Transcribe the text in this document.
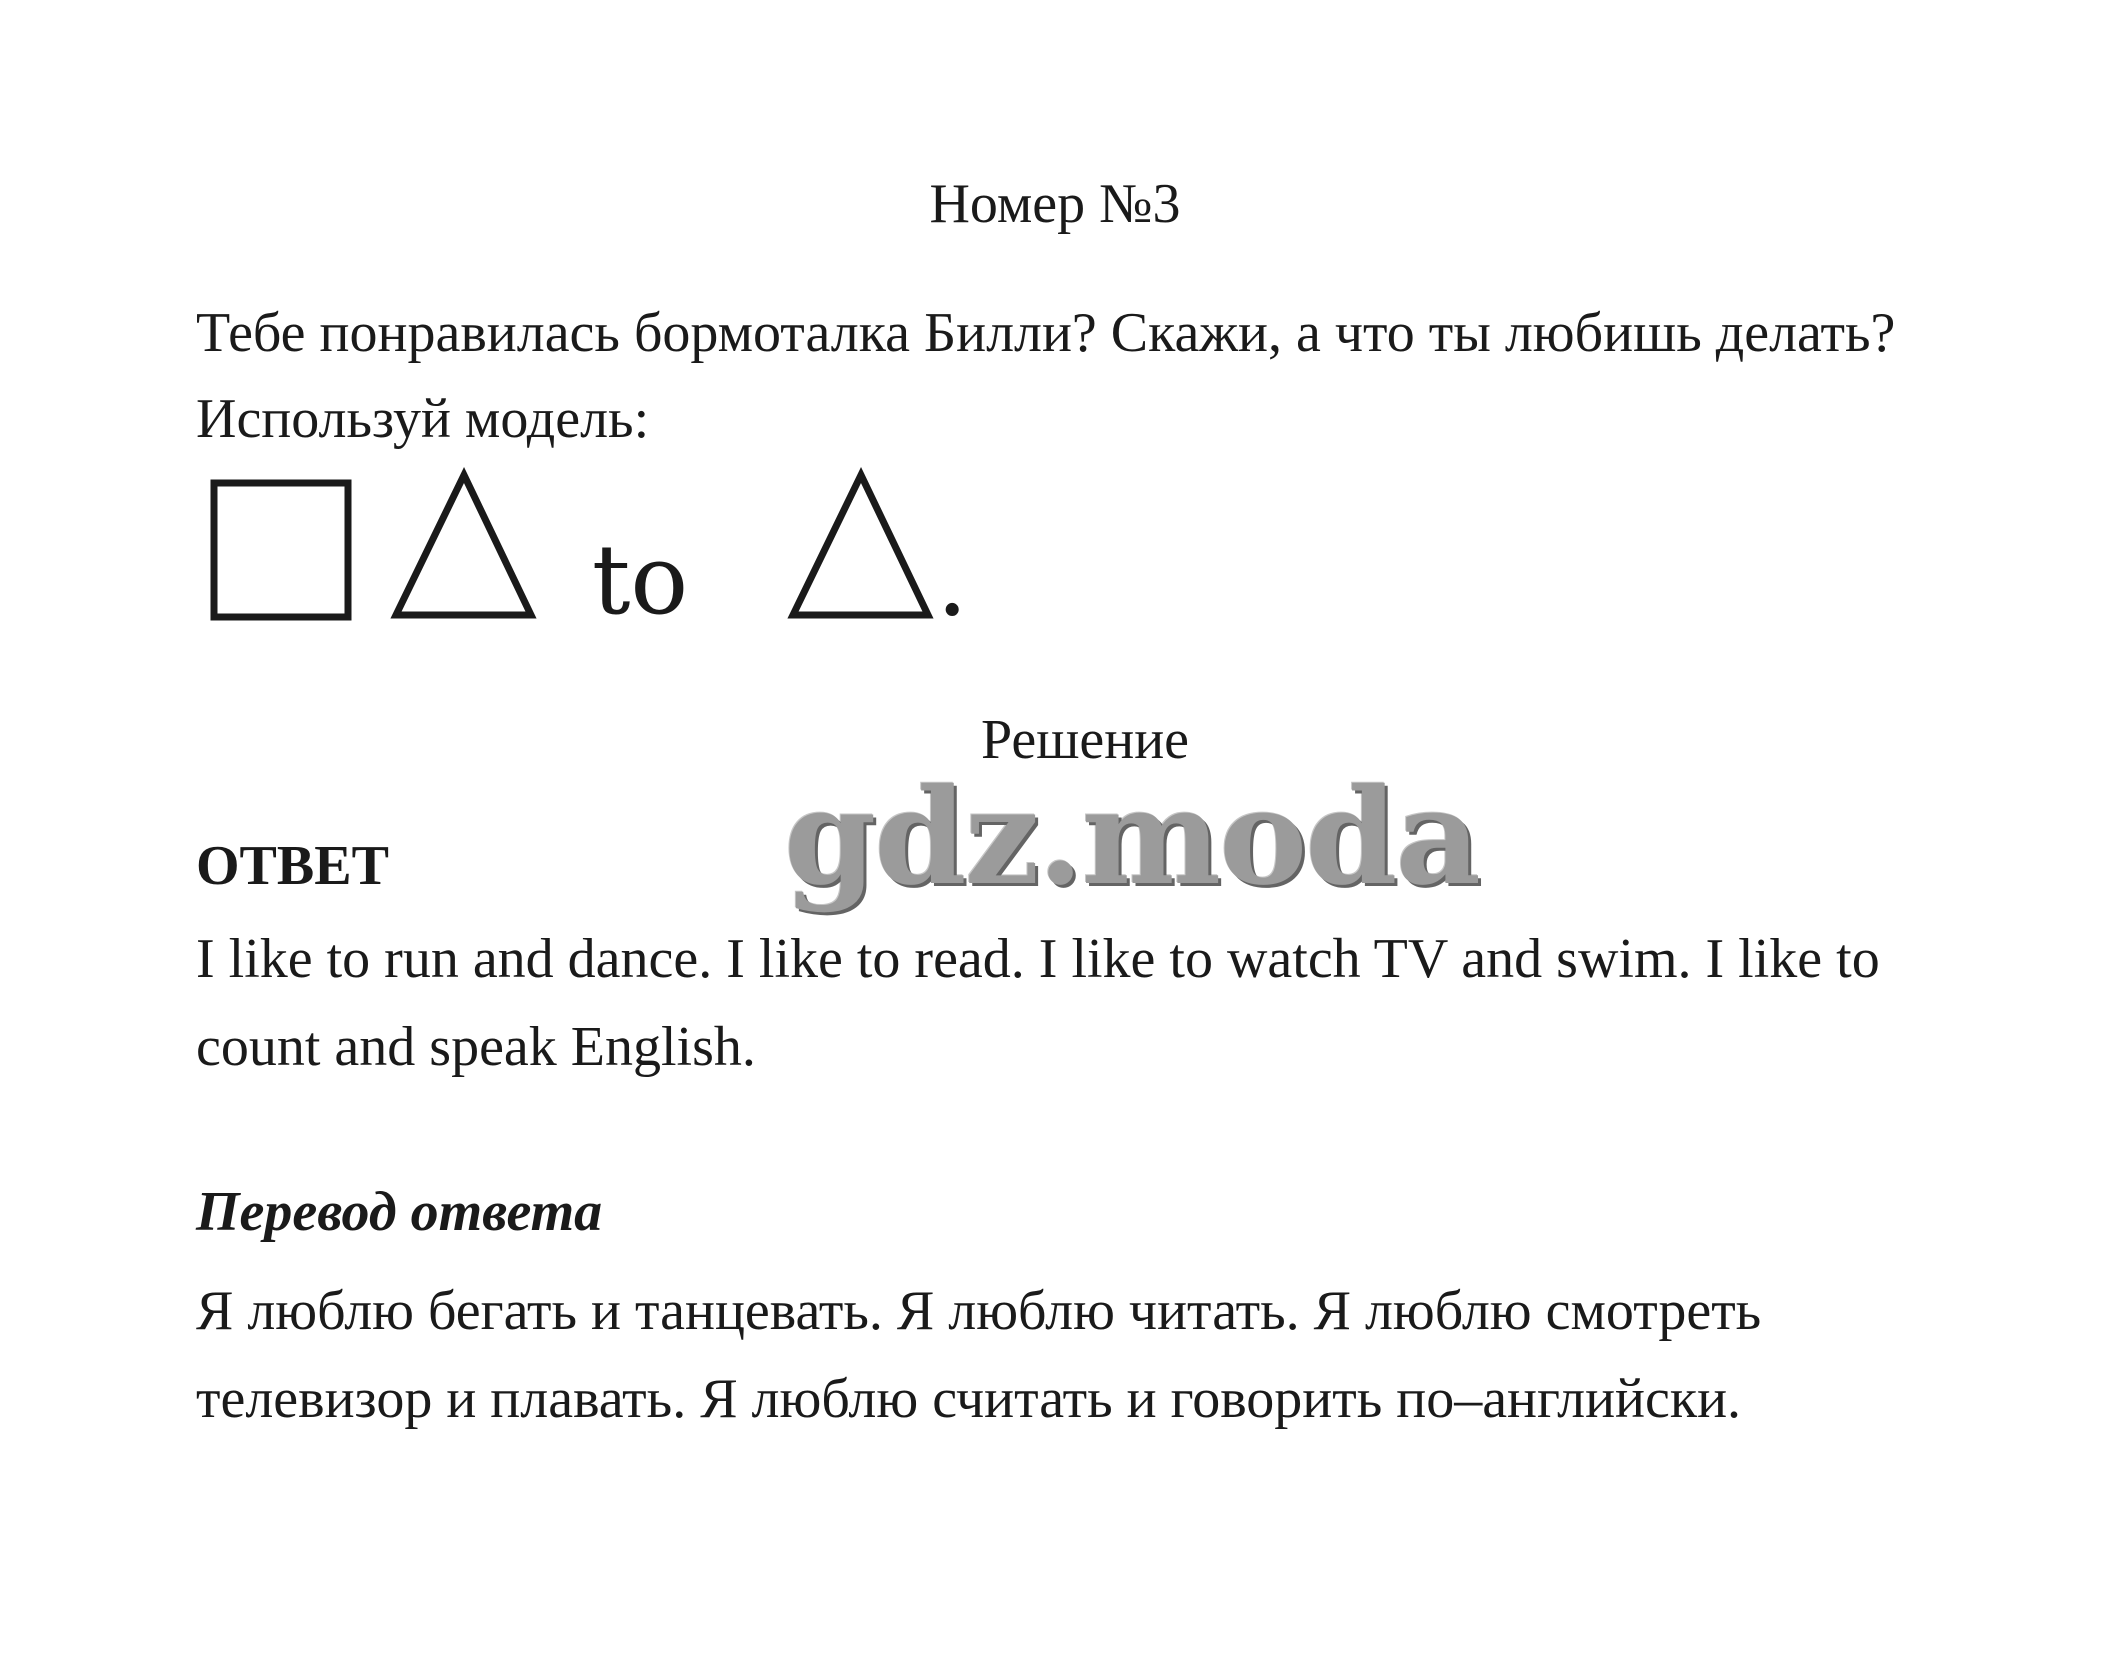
Номер №3
Тебе понравилась бормоталка Билли? Скажи, а что ты любишь делать? Используй модель:
to	.
Решение
ОТВЕТ	gdz.moda
I like to run and dance. I like to read. I like to watch TV and swim. I like to count and speak English.
Перевод ответа
Я люблю бегать и танцевать. Я люблю читать. Я люблю смотреть телевизор и плавать. Я люблю считать и говорить по–английски.
